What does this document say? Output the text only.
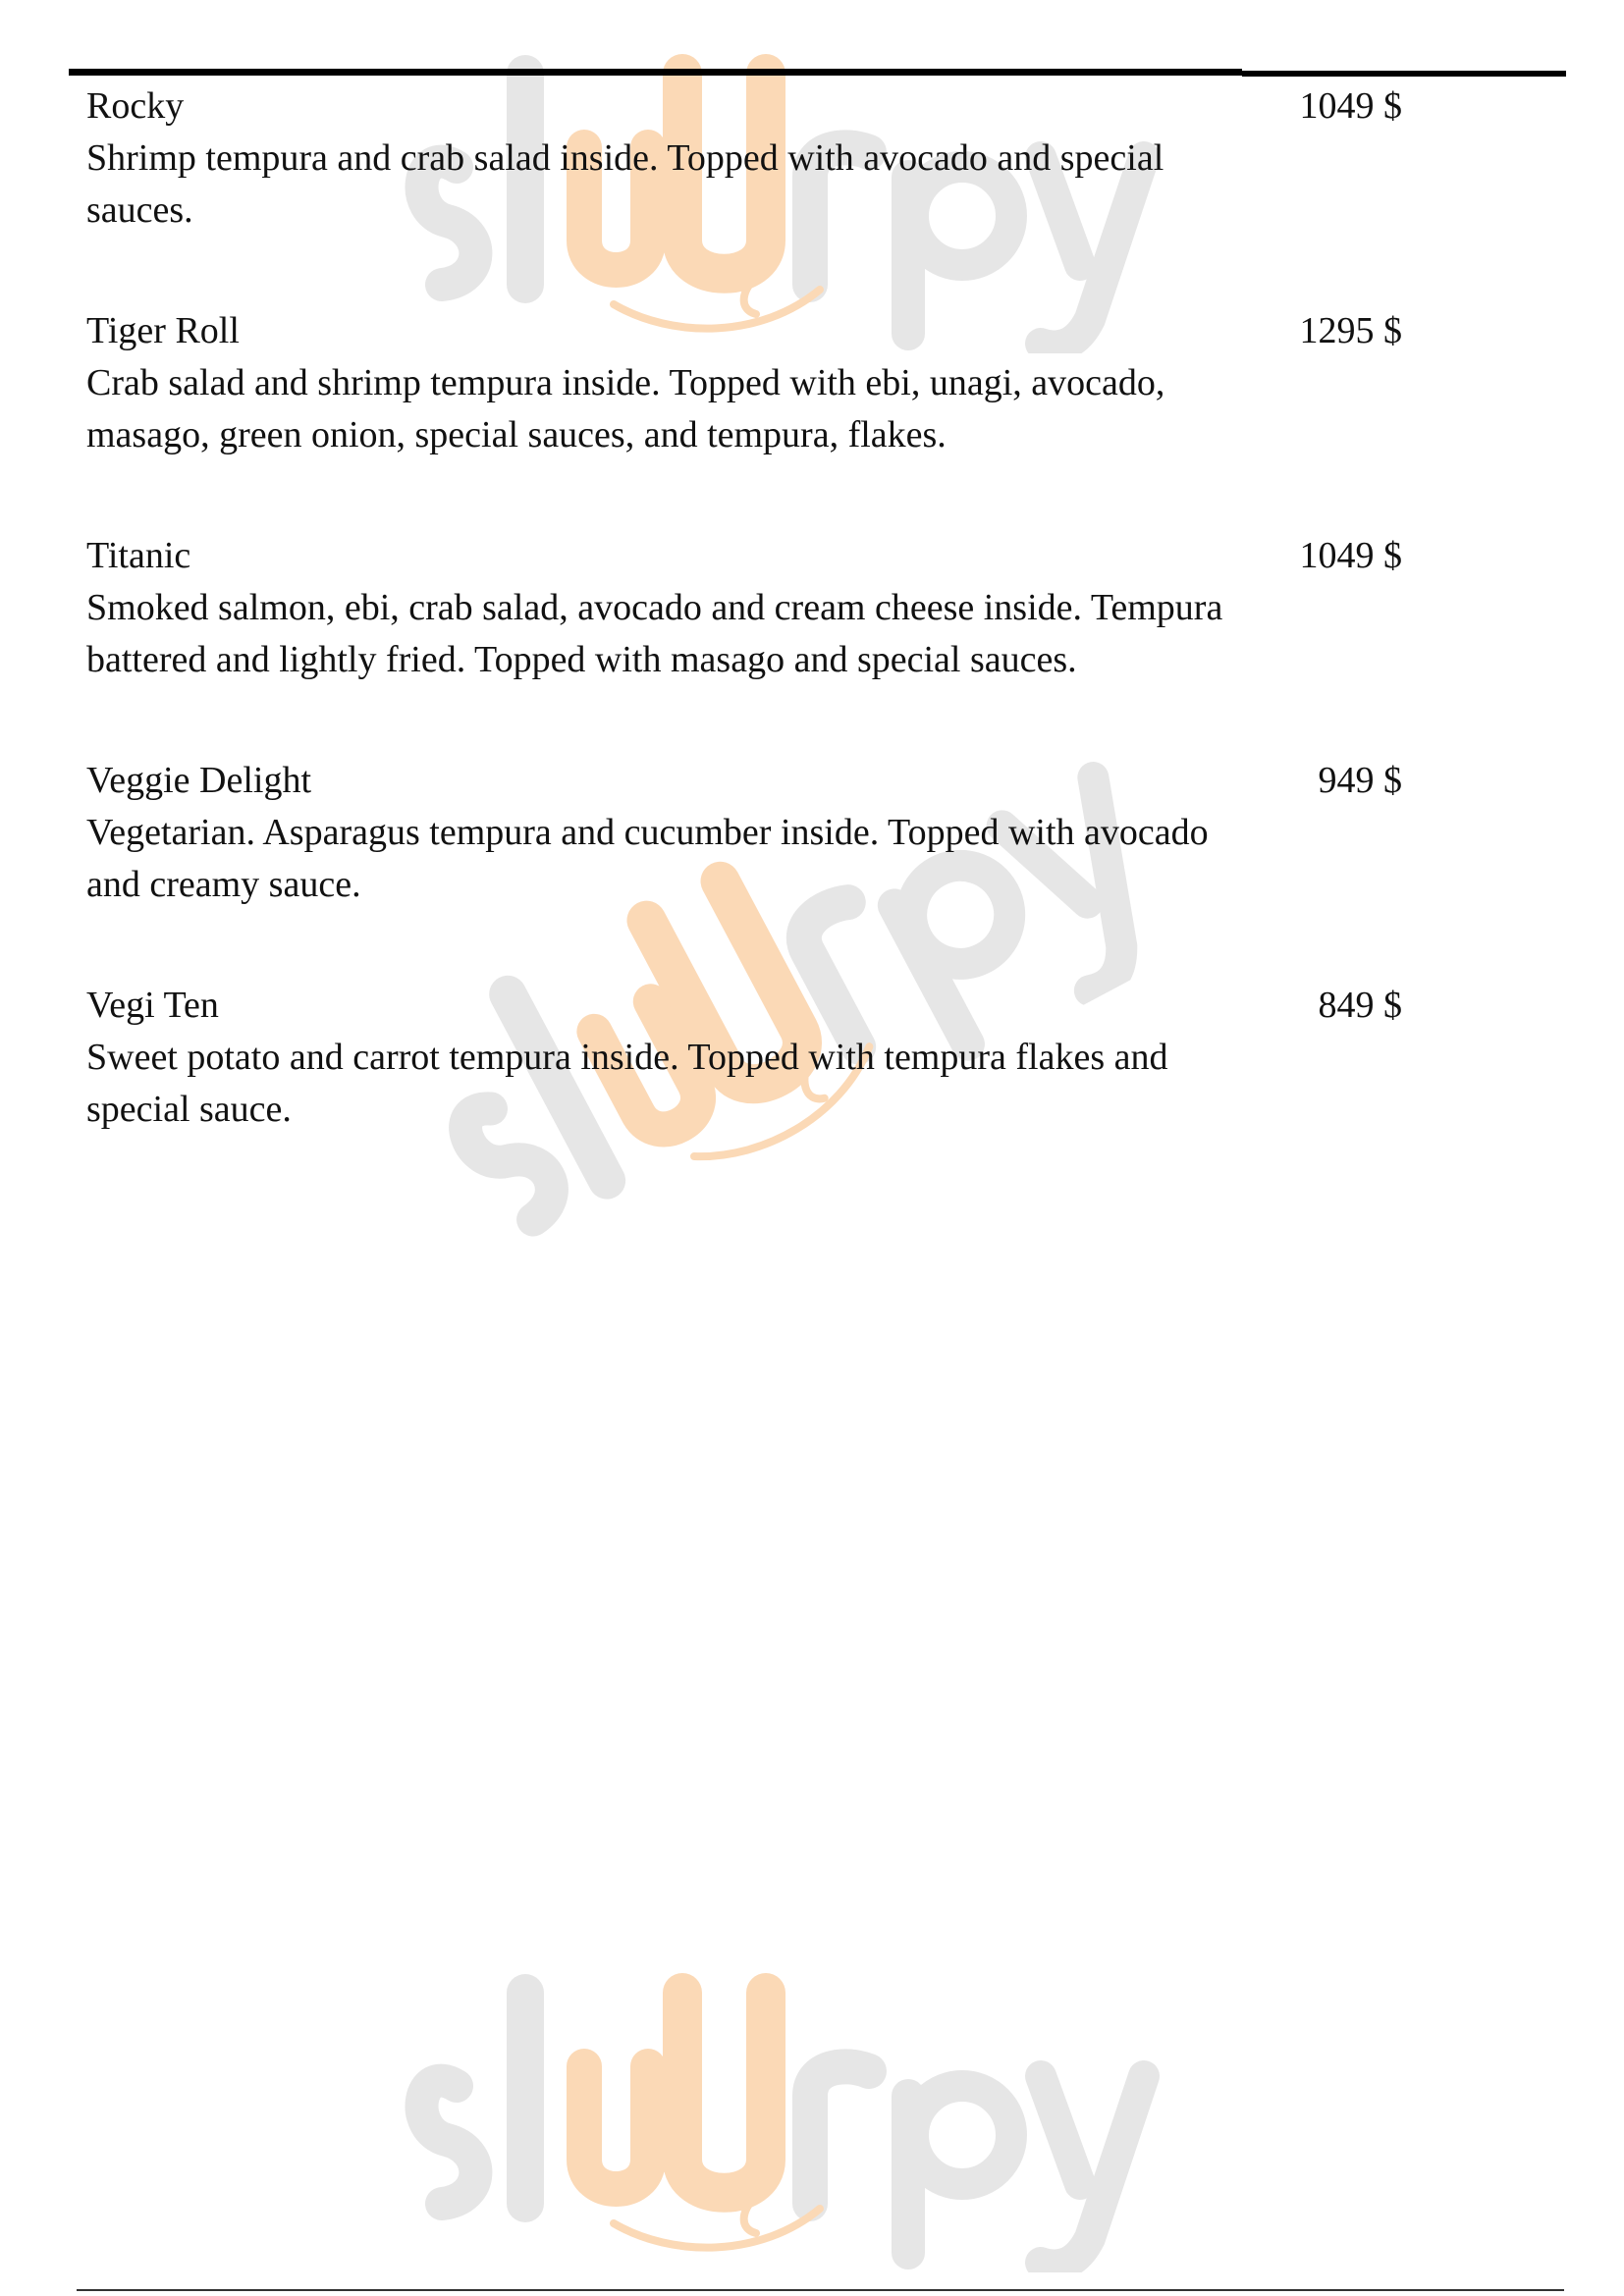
Rocky
Shrimp tempura and crab salad inside. Topped with avocado and special sauces.
1049 $
Tiger Roll
Crab salad and shrimp tempura inside. Topped with ebi, unagi, avocado, masago, green onion, special sauces, and tempura, flakes.
1295 $
Titanic
Smoked salmon, ebi, crab salad, avocado and cream cheese inside. Tempura battered and lightly fried. Topped with masago and special sauces.
1049 $
Veggie Delight
Vegetarian. Asparagus tempura and cucumber inside. Topped with avocado and creamy sauce.
949 $
Vegi Ten
Sweet potato and carrot tempura inside. Topped with tempura flakes and special sauce.
849 $
